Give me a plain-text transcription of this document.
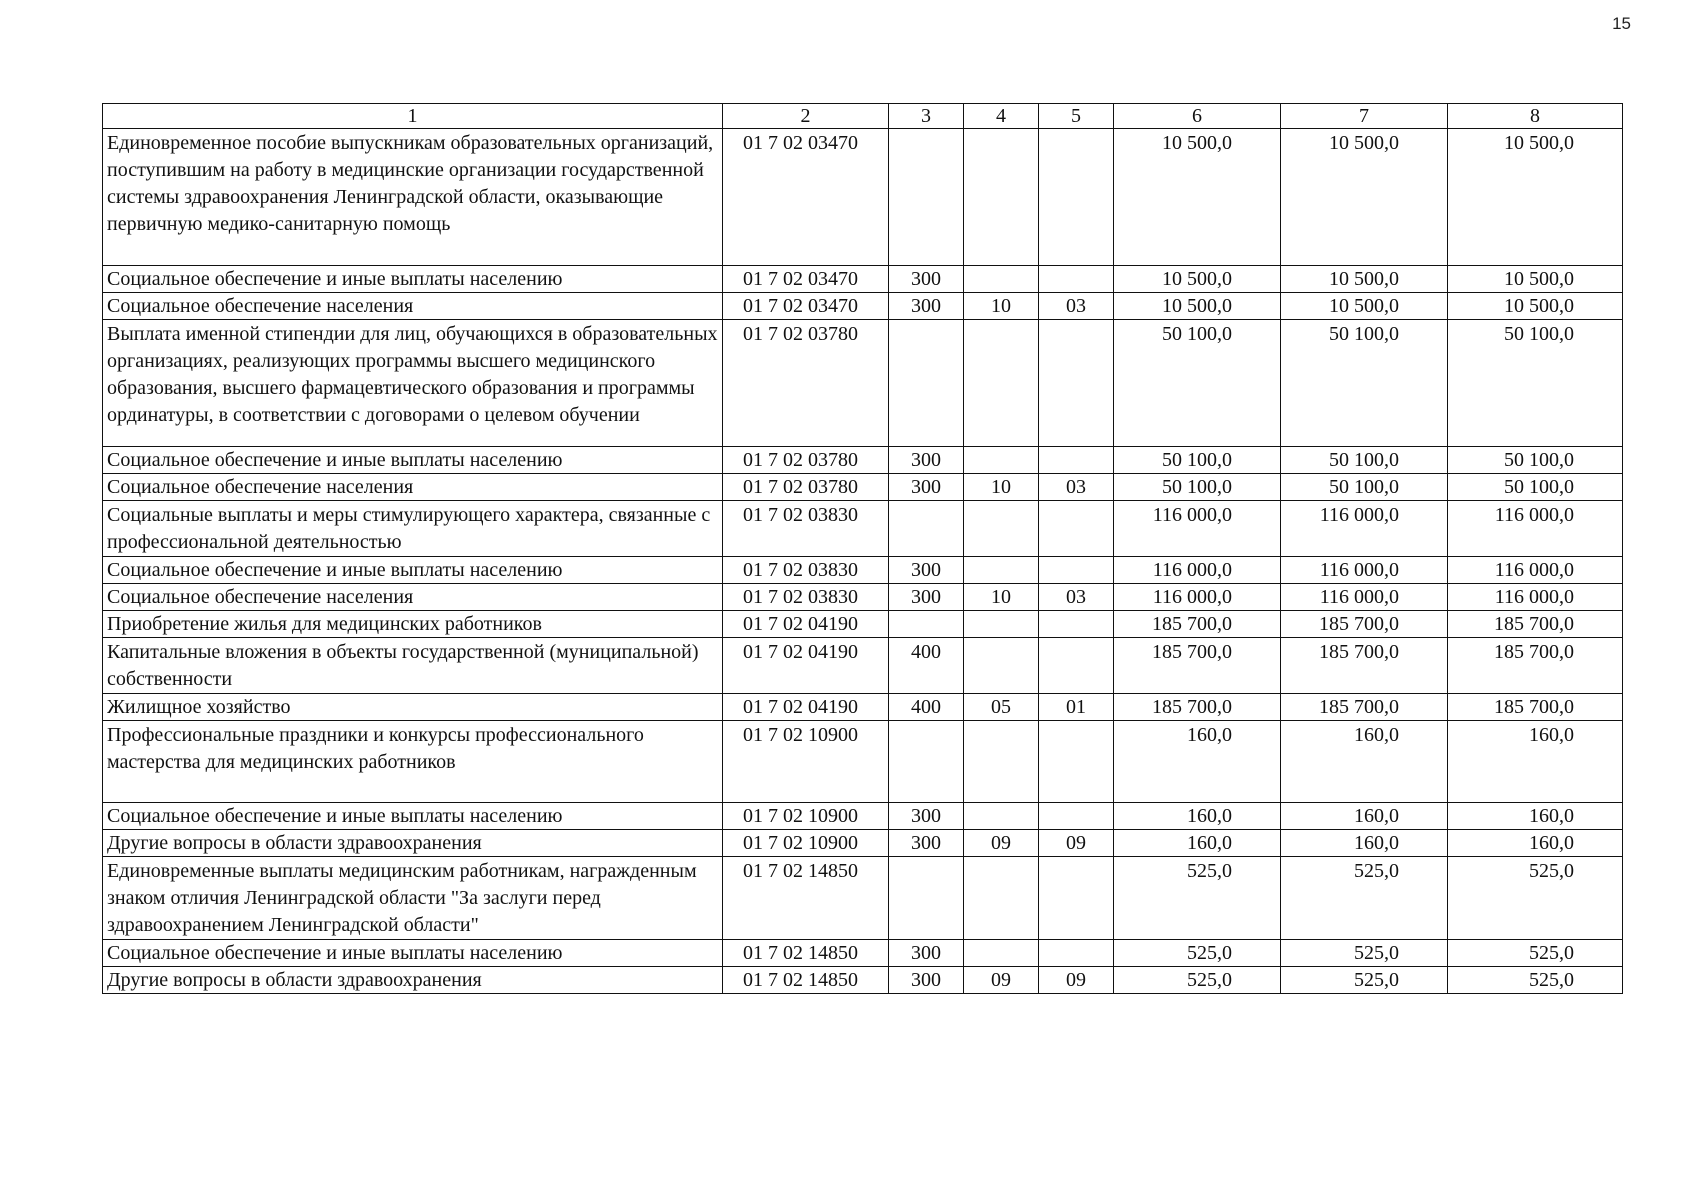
15
1	2	3	4	5	6	7	8
Единовременное пособие выпускникам образовательных организаций, поступившим на работу в медицинские организации государственной системы здравоохранения Ленинградской области, оказывающие первичную медико-санитарную помощь	01 7 02 03470				10 500,0	10 500,0	10 500,0
Социальное обеспечение и иные выплаты населению	01 7 02 03470	300			10 500,0	10 500,0	10 500,0
Социальное обеспечение населения	01 7 02 03470	300	10	03	10 500,0	10 500,0	10 500,0
Выплата именной стипендии для лиц, обучающихся в образовательных организациях, реализующих программы высшего медицинского образования, высшего фармацевтического образования и программы ординатуры, в соответствии с договорами о целевом обучении	01 7 02 03780				50 100,0	50 100,0	50 100,0
Социальное обеспечение и иные выплаты населению	01 7 02 03780	300			50 100,0	50 100,0	50 100,0
Социальное обеспечение населения	01 7 02 03780	300	10	03	50 100,0	50 100,0	50 100,0
Социальные выплаты и меры стимулирующего характера, связанные с профессиональной деятельностью	01 7 02 03830				116 000,0	116 000,0	116 000,0
Социальное обеспечение и иные выплаты населению	01 7 02 03830	300			116 000,0	116 000,0	116 000,0
Социальное обеспечение населения	01 7 02 03830	300	10	03	116 000,0	116 000,0	116 000,0
Приобретение жилья для медицинских работников	01 7 02 04190				185 700,0	185 700,0	185 700,0
Капитальные вложения в объекты государственной (муниципальной) собственности	01 7 02 04190	400			185 700,0	185 700,0	185 700,0
Жилищное хозяйство	01 7 02 04190	400	05	01	185 700,0	185 700,0	185 700,0
Профессиональные праздники и конкурсы профессионального мастерства для медицинских работников	01 7 02 10900				160,0	160,0	160,0
Социальное обеспечение и иные выплаты населению	01 7 02 10900	300			160,0	160,0	160,0
Другие вопросы в области здравоохранения	01 7 02 10900	300	09	09	160,0	160,0	160,0
Единовременные выплаты медицинским работникам, награжденным знаком отличия Ленинградской области "За заслуги перед здравоохранением Ленинградской области"	01 7 02 14850				525,0	525,0	525,0
Социальное обеспечение и иные выплаты населению	01 7 02 14850	300			525,0	525,0	525,0
Другие вопросы в области здравоохранения	01 7 02 14850	300	09	09	525,0	525,0	525,0
